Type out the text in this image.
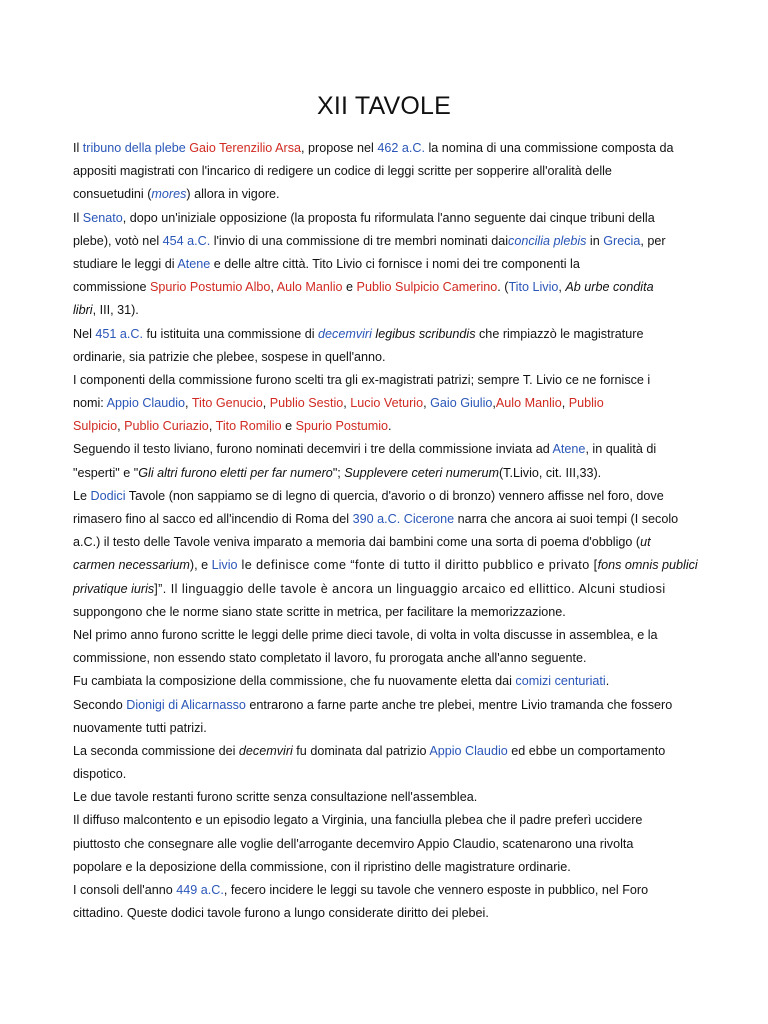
XII TAVOLE
Il tribuno della plebe Gaio Terenzilio Arsa, propose nel 462 a.C. la nomina di una commissione composta da
appositi magistrati con l'incarico di redigere un codice di leggi scritte per sopperire all'oralità delle
consuetudini (mores) allora in vigore.
Il Senato, dopo un'iniziale opposizione (la proposta fu riformulata l'anno seguente dai cinque tribuni della
plebe), votò nel 454 a.C. l'invio di una commissione di tre membri nominati daiconcilia plebis in Grecia, per
studiare le leggi di Atene e delle altre città. Tito Livio ci fornisce i nomi dei tre componenti la
commissione Spurio Postumio Albo, Aulo Manlio e Publio Sulpicio Camerino. (Tito Livio, Ab urbe condita
libri, III, 31).
Nel 451 a.C. fu istituita una commissione di decemviri legibus scribundis che rimpiazzò le magistrature
ordinarie, sia patrizie che plebee, sospese in quell'anno.
I componenti della commissione furono scelti tra gli ex-magistrati patrizi; sempre T. Livio ce ne fornisce i
nomi: Appio Claudio, Tito Genucio, Publio Sestio, Lucio Veturio, Gaio Giulio,Aulo Manlio, Publio
Sulpicio, Publio Curiazio, Tito Romilio e Spurio Postumio.
Seguendo il testo liviano, furono nominati decemviri i tre della commissione inviata ad Atene, in qualità di
"esperti" e "Gli altri furono eletti per far numero"; Supplevere ceteri numerum(T.Livio, cit. III,33).
Le Dodici Tavole (non sappiamo se di legno di quercia, d'avorio o di bronzo) vennero affisse nel foro, dove
rimasero fino al sacco ed all'incendio di Roma del 390 a.C. Cicerone narra che ancora ai suoi tempi (I secolo
a.C.) il testo delle Tavole veniva imparato a memoria dai bambini come una sorta di poema d'obbligo (ut
carmen necessarium), e Livio le definisce come “fonte di tutto il diritto pubblico e privato [fons omnis publici
privatique iuris]”. Il linguaggio delle tavole è ancora un linguaggio arcaico ed ellittico. Alcuni studiosi
suppongono che le norme siano state scritte in metrica, per facilitare la memorizzazione.
Nel primo anno furono scritte le leggi delle prime dieci tavole, di volta in volta discusse in assemblea, e la
commissione, non essendo stato completato il lavoro, fu prorogata anche all'anno seguente.
Fu cambiata la composizione della commissione, che fu nuovamente eletta dai comizi centuriati.
Secondo Dionigi di Alicarnasso entrarono a farne parte anche tre plebei, mentre Livio tramanda che fossero
nuovamente tutti patrizi.
La seconda commissione dei decemviri fu dominata dal patrizio Appio Claudio ed ebbe un comportamento
dispotico.
Le due tavole restanti furono scritte senza consultazione nell'assemblea.
Il diffuso malcontento e un episodio legato a Virginia, una fanciulla plebea che il padre preferì uccidere
piuttosto che consegnare alle voglie dell'arrogante decemviro Appio Claudio, scatenarono una rivolta
popolare e la deposizione della commissione, con il ripristino delle magistrature ordinarie.
I consoli dell'anno 449 a.C., fecero incidere le leggi su tavole che vennero esposte in pubblico, nel Foro
cittadino. Queste dodici tavole furono a lungo considerate diritto dei plebei.
